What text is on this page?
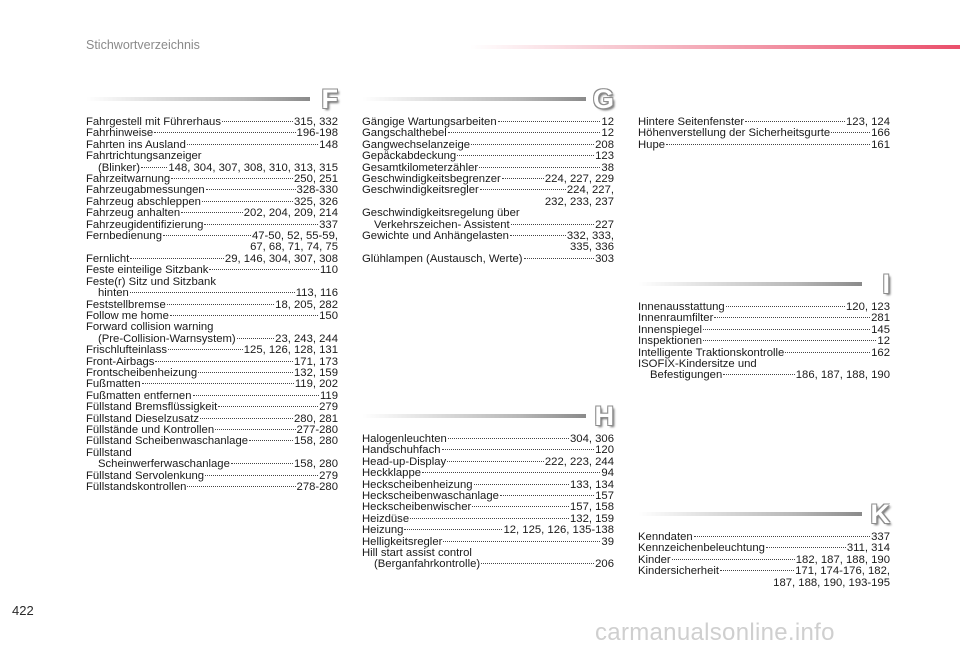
Stichwortverzeichnis
F
Fahrgestell mit Führerhaus	315, 332
Fahrhinweise	196-198
Fahrten ins Ausland	148
Fahrtrichtungsanzeiger
(Blinker)	148, 304, 307, 308, 310, 313, 315
Fahrzeitwarnung	250, 251
Fahrzeugabmessungen	328-330
Fahrzeug abschleppen	325, 326
Fahrzeug anhalten	202, 204, 209, 214
Fahrzeugidentifizierung	337
Fernbedienung	47-50, 52, 55-59,
67, 68, 71, 74, 75
Fernlicht	29, 146, 304, 307, 308
Feste einteilige Sitzbank	110
Feste(r) Sitz und Sitzbank
hinten	113, 116
Feststellbremse	18, 205, 282
Follow me home	150
Forward collision warning
(Pre-Collision-Warnsystem)	23, 243, 244
Frischlufteinlass	125, 126, 128, 131
Front-Airbags	171, 173
Frontscheibenheizung	132, 159
Fußmatten	119, 202
Fußmatten entfernen	119
Füllstand Bremsflüssigkeit	279
Füllstand Dieselzusatz	280, 281
Füllstände und Kontrollen	277-280
Füllstand Scheibenwaschanlage	158, 280
Füllstand
Scheinwerferwaschanlage	158, 280
Füllstand Servolenkung	279
Füllstandskontrollen	278-280
G
Gängige Wartungsarbeiten	12
Gangschalthebel	12
Gangwechselanzeige	208
Gepäckabdeckung	123
Gesamtkilometerzähler	38
Geschwindigkeitsbegrenzer	224, 227, 229
Geschwindigkeitsregler	224, 227,
232, 233, 237
Geschwindigkeitsregelung über
Verkehrszeichen- Assistent	227
Gewichte und Anhängelasten	332, 333,
335, 336
Glühlampen (Austausch, Werte)	303
H
Halogenleuchten	304, 306
Handschuhfach	120
Head-up-Display	222, 223, 244
Heckklappe	94
Heckscheibenheizung	133, 134
Heckscheibenwaschanlage	157
Heckscheibenwischer	157, 158
Heizdüse	132, 159
Heizung	12, 125, 126, 135-138
Helligkeitsregler	39
Hill start assist control
(Berganfahrkontrolle)	206
Hintere Seitenfenster	123, 124
Höhenverstellung der Sicherheitsgurte	166
Hupe	161
I
Innenausstattung	120, 123
Innenraumfilter	281
Innenspiegel	145
Inspektionen	12
Intelligente Traktionskontrolle	162
ISOFIX-Kindersitze und
Befestigungen	186, 187, 188, 190
K
Kenndaten	337
Kennzeichenbeleuchtung	311, 314
Kinder	182, 187, 188, 190
Kindersicherheit	171, 174-176, 182,
187, 188, 190, 193-195
422
carmanualsonline.info
